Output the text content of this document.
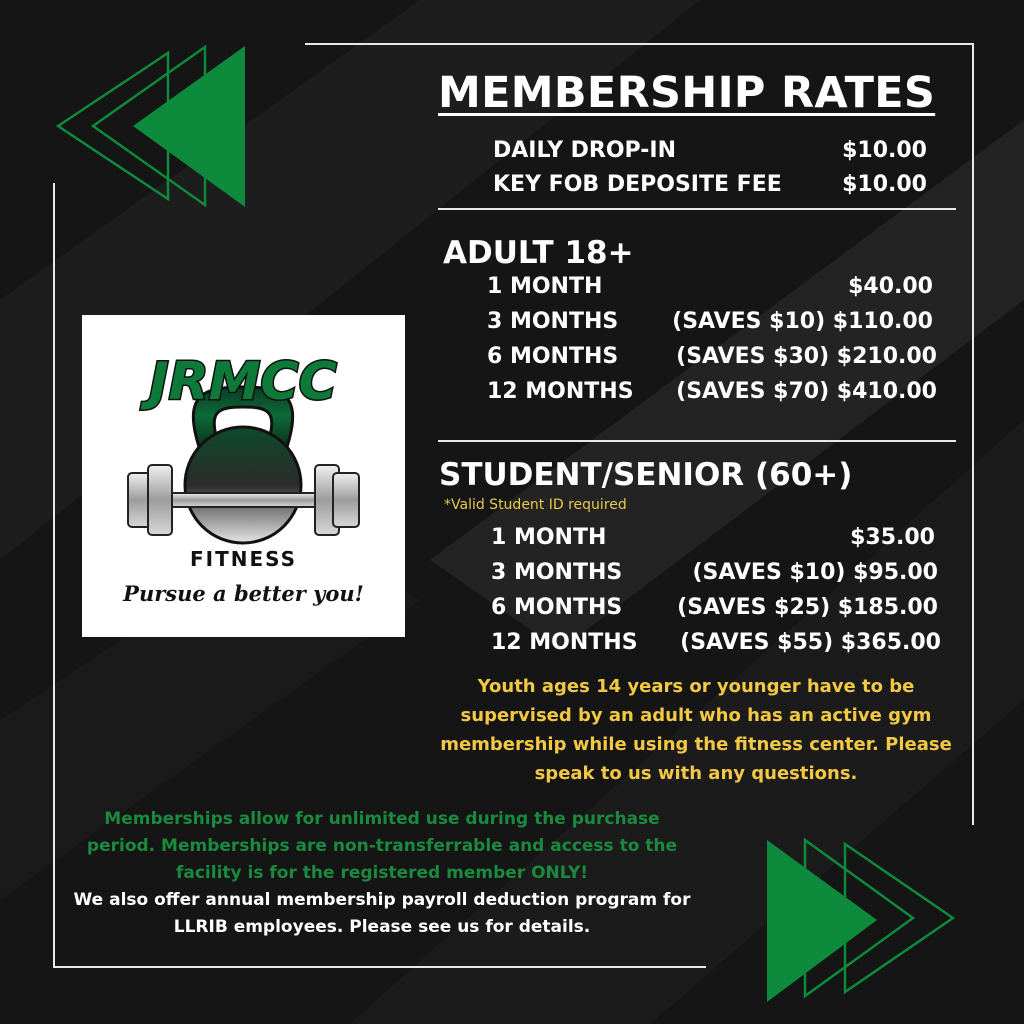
MEMBERSHIP RATES
DAILY DROP-IN	$10.00
KEY FOB DEPOSITE FEE	$10.00
ADULT 18+
1 MONTH	$40.00
3 MONTHS (SAVES $10) $110.00
6 MONTHS	(SAVES $30) $210.00
12 MONTHS (SAVES $70) $410.00
STUDENT/SENIOR (60+)
*Valid Student ID required
1 MONTH	$35.00
3 MONTHS	(SAVES $10) $95.00
6 MONTHS (SAVES $25) $185.00
12 MONTHS (SAVES $55) $365.00
Youth ages 14 years or younger have to be supervised by an adult who has an active gym membership while using the fitness center. Please speak to us with any questions.
Memberships allow for unlimited use during the purchase period. Memberships are non-transferrable and access to the facility is for the registered member ONLY!
We also offer annual membership payroll deduction program for LLRIB employees. Please see us for details.
JRMCC
FITNESS
Pursue a better you!
